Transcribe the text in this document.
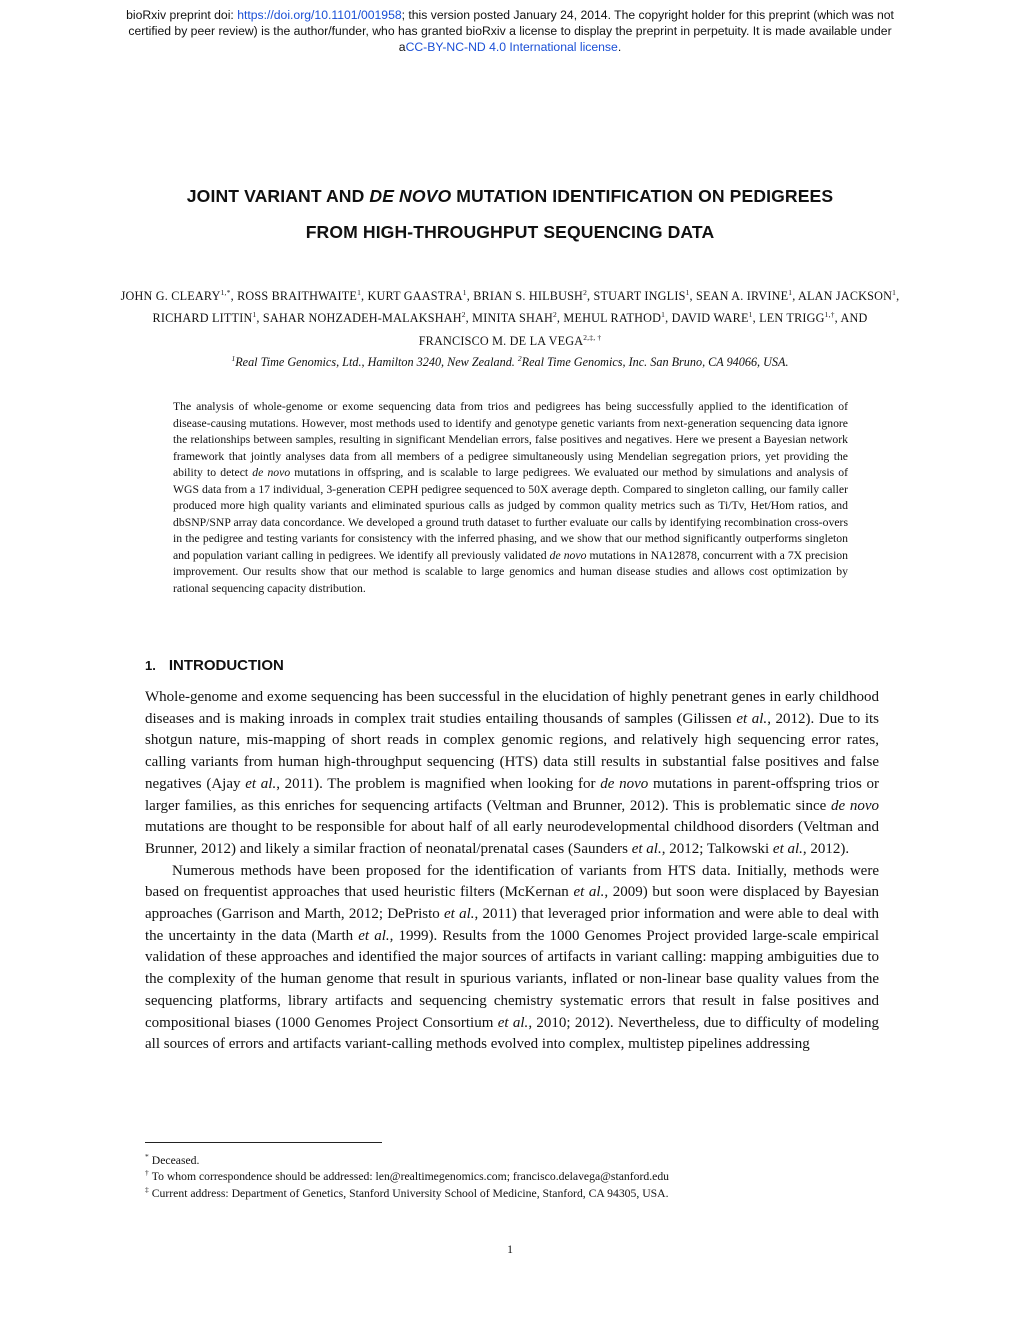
bioRxiv preprint doi: https://doi.org/10.1101/001958; this version posted January 24, 2014. The copyright holder for this preprint (which was not
certified by peer review) is the author/funder, who has granted bioRxiv a license to display the preprint in perpetuity. It is made available under
aCC-BY-NC-ND 4.0 International license.
JOINT VARIANT AND DE NOVO MUTATION IDENTIFICATION ON PEDIGREES
FROM HIGH-THROUGHPUT SEQUENCING DATA
JOHN G. $CLEARY^{1,*}$, ROSS BRAITHWAITE$^1$, KURT GAASTRA$^1$, BRIAN S. HILBUSH$^2$, STUART INGLIS$^1$, SEAN A. IRVINE$^1$, ALAN JACKSON$^1$, RICHARD LITTIN$^1$, SAHAR NOHZADEH-MALAKSHAH$^2$, MINITA SHAH$^2$, MEHUL RATHOD$^1$, DAVID WARE$^1$, LEN $TRIGG^{1,\dagger}$, AND FRANCISCO M. DE LA $VEGA^{2,\ddagger, \dagger}$
$^1$Real Time Genomics, Ltd., Hamilton 3240, New Zealand. $^2$Real Time Genomics, Inc. San Bruno, CA 94066, USA.

The analysis of whole-genome or exome sequencing data from trios and pedigrees has being successfully applied to the identification of disease-causing mutations. However, most methods used to identify and genotype genetic variants from next-generation sequencing data ignore the relationships between samples, resulting in significant Mendelian errors, false positives and negatives. Here we present a Bayesian network framework that jointly analyses data from all members of a pedigree simultaneously using Mendelian segregation priors, yet providing the ability to detect de novo mutations in offspring, and is scalable to large pedigrees. We evaluated our method by simulations and analysis of WGS data from a 17 individual, 3-generation CEPH pedigree sequenced to 50X average depth. Compared to singleton calling, our family caller produced more high quality variants and eliminated spurious calls as judged by common quality metrics such as Ti/Tv, Het/Hom ratios, and dbSNP/SNP array data concordance. We developed a ground truth dataset to further evaluate our calls by identifying recombination cross-overs in the pedigree and testing variants for consistency with the inferred phasing, and we show that our method significantly outperforms singleton and population variant calling in pedigrees. We identify all previously validated de novo mutations in NA12878, concurrent with a 7X precision improvement. Our results show that our method is scalable to large genomics and human disease studies and allows cost optimization by rational sequencing capacity distribution.

1. INTRODUCTION

Whole-genome and exome sequencing has been successful in the elucidation of highly penetrant genes in early childhood diseases and is making inroads in complex trait studies entailing thousands of samples (Gilissen et al., 2012). Due to its shotgun nature, mis-mapping of short reads in complex genomic regions, and relatively high sequencing error rates, calling variants from human high-throughput sequencing (HTS) data still results in substantial false positives and false negatives (Ajay et al., 2011). The problem is magnified when looking for de novo mutations in parent-offspring trios or larger families, as this enriches for sequencing artifacts (Veltman and Brunner, 2012). This is problematic since de novo mutations are thought to be responsible for about half of all early neurodevelopmental childhood disorders (Veltman and Brunner, 2012) and likely a similar fraction of neonatal/prenatal cases (Saunders et al., 2012; Talkowski et al., 2012).

Numerous methods have been proposed for the identification of variants from HTS data. Initially, methods were based on frequentist approaches that used heuristic filters (McKernan et al., 2009) but soon were displaced by Bayesian approaches (Garrison and Marth, 2012; DePristo et al., 2011) that leveraged prior information and were able to deal with the uncertainty in the data (Marth et al., 1999). Results from the 1000 Genomes Project provided large-scale empirical validation of these approaches and identified the major sources of artifacts in variant calling: mapping ambiguities due to the complexity of the human genome that result in spurious variants, inflated or non-linear base quality values from the sequencing platforms, library artifacts and sequencing chemistry systematic errors that result in false positives and compositional biases (1000 Genomes Project Consortium et al., 2010; 2012). Nevertheless, due to difficulty of modeling all sources of errors and artifacts variant-calling methods evolved into complex, multistep pipelines addressing

* Deceased.
† To whom correspondence should be addressed: len@realtimegenomics.com; francisco.delavega@stanford.edu
‡ Current address: Department of Genetics, Stanford University School of Medicine, Stanford, CA 94305, USA.
1
